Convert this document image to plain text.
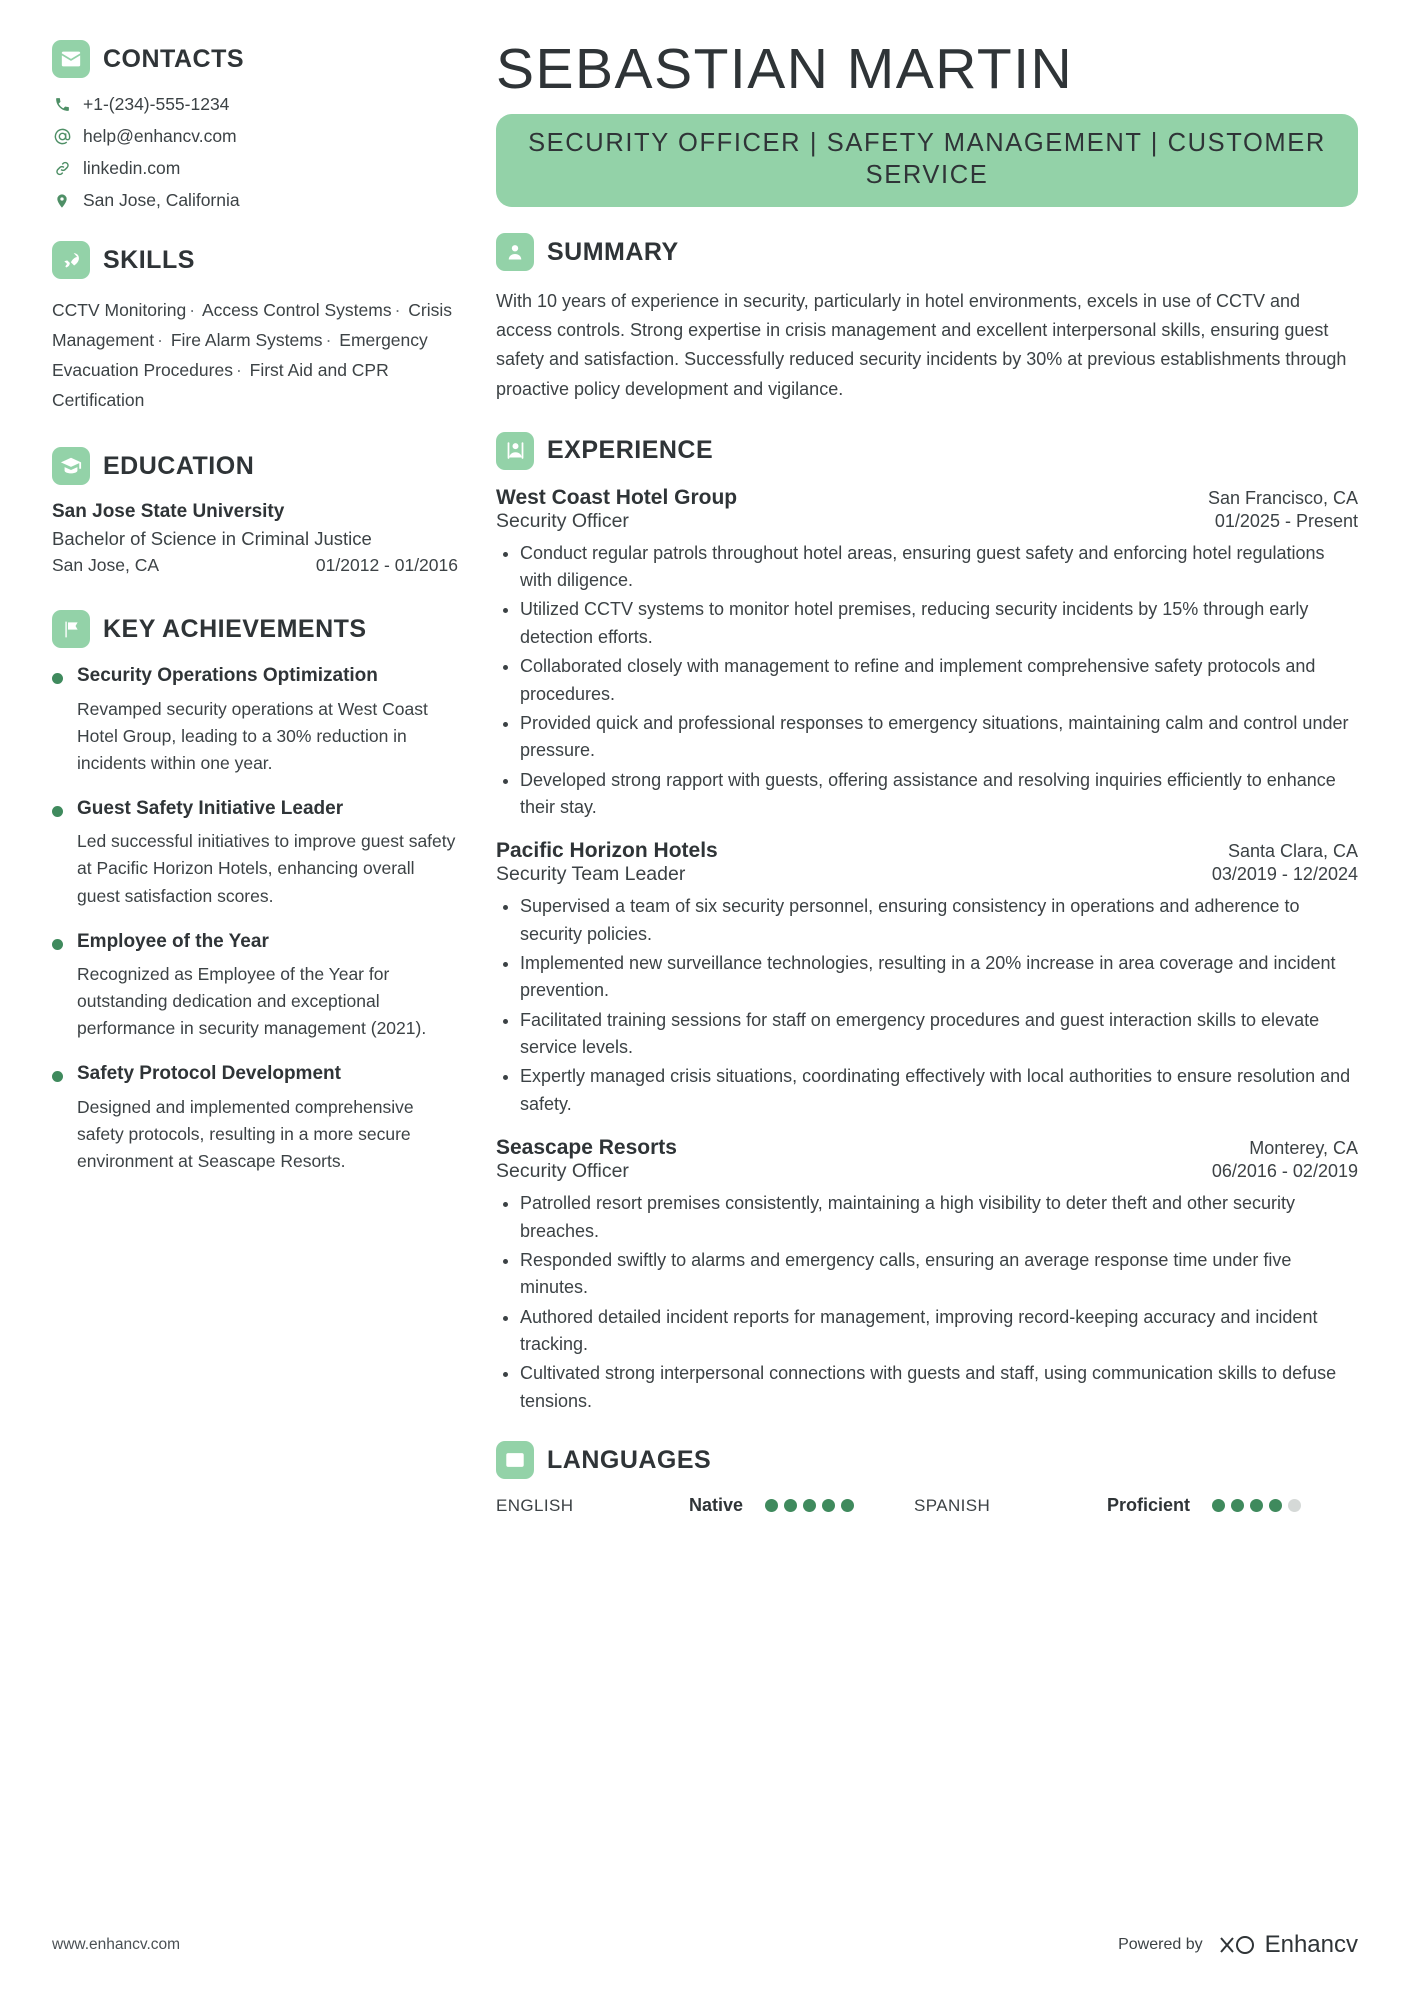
CONTACTS
+1-(234)-555-1234
help@enhancv.com
linkedin.com
San Jose, California
SKILLS
CCTV Monitoring · Access Control Systems · Crisis Management · Fire Alarm Systems · Emergency Evacuation Procedures · First Aid and CPR Certification
EDUCATION
San Jose State University
Bachelor of Science in Criminal Justice
San Jose, CA	01/2012 - 01/2016
KEY ACHIEVEMENTS
Security Operations Optimization
Revamped security operations at West Coast Hotel Group, leading to a 30% reduction in incidents within one year.
Guest Safety Initiative Leader
Led successful initiatives to improve guest safety at Pacific Horizon Hotels, enhancing overall guest satisfaction scores.
Employee of the Year
Recognized as Employee of the Year for outstanding dedication and exceptional performance in security management (2021).
Safety Protocol Development
Designed and implemented comprehensive safety protocols, resulting in a more secure environment at Seascape Resorts.
SEBASTIAN MARTIN
SECURITY OFFICER | SAFETY MANAGEMENT | CUSTOMER SERVICE
SUMMARY
With 10 years of experience in security, particularly in hotel environments, excels in use of CCTV and access controls. Strong expertise in crisis management and excellent interpersonal skills, ensuring guest safety and satisfaction. Successfully reduced security incidents by 30% at previous establishments through proactive policy development and vigilance.
EXPERIENCE
West Coast Hotel Group	San Francisco, CA
Security Officer	01/2025 - Present
• Conduct regular patrols throughout hotel areas, ensuring guest safety and enforcing hotel regulations with diligence.
• Utilized CCTV systems to monitor hotel premises, reducing security incidents by 15% through early detection efforts.
• Collaborated closely with management to refine and implement comprehensive safety protocols and procedures.
• Provided quick and professional responses to emergency situations, maintaining calm and control under pressure.
• Developed strong rapport with guests, offering assistance and resolving inquiries efficiently to enhance their stay.
Pacific Horizon Hotels	Santa Clara, CA
Security Team Leader	03/2019 - 12/2024
• Supervised a team of six security personnel, ensuring consistency in operations and adherence to security policies.
• Implemented new surveillance technologies, resulting in a 20% increase in area coverage and incident prevention.
• Facilitated training sessions for staff on emergency procedures and guest interaction skills to elevate service levels.
• Expertly managed crisis situations, coordinating effectively with local authorities to ensure resolution and safety.
Seascape Resorts	Monterey, CA
Security Officer	06/2016 - 02/2019
• Patrolled resort premises consistently, maintaining a high visibility to deter theft and other security breaches.
• Responded swiftly to alarms and emergency calls, ensuring an average response time under five minutes.
• Authored detailed incident reports for management, improving record-keeping accuracy and incident tracking.
• Cultivated strong interpersonal connections with guests and staff, using communication skills to defuse tensions.
A文 LANGUAGES
ENGLISH	Native	SPANISH	Proficient
www.enhancv.com	Powered by	Enhancv
